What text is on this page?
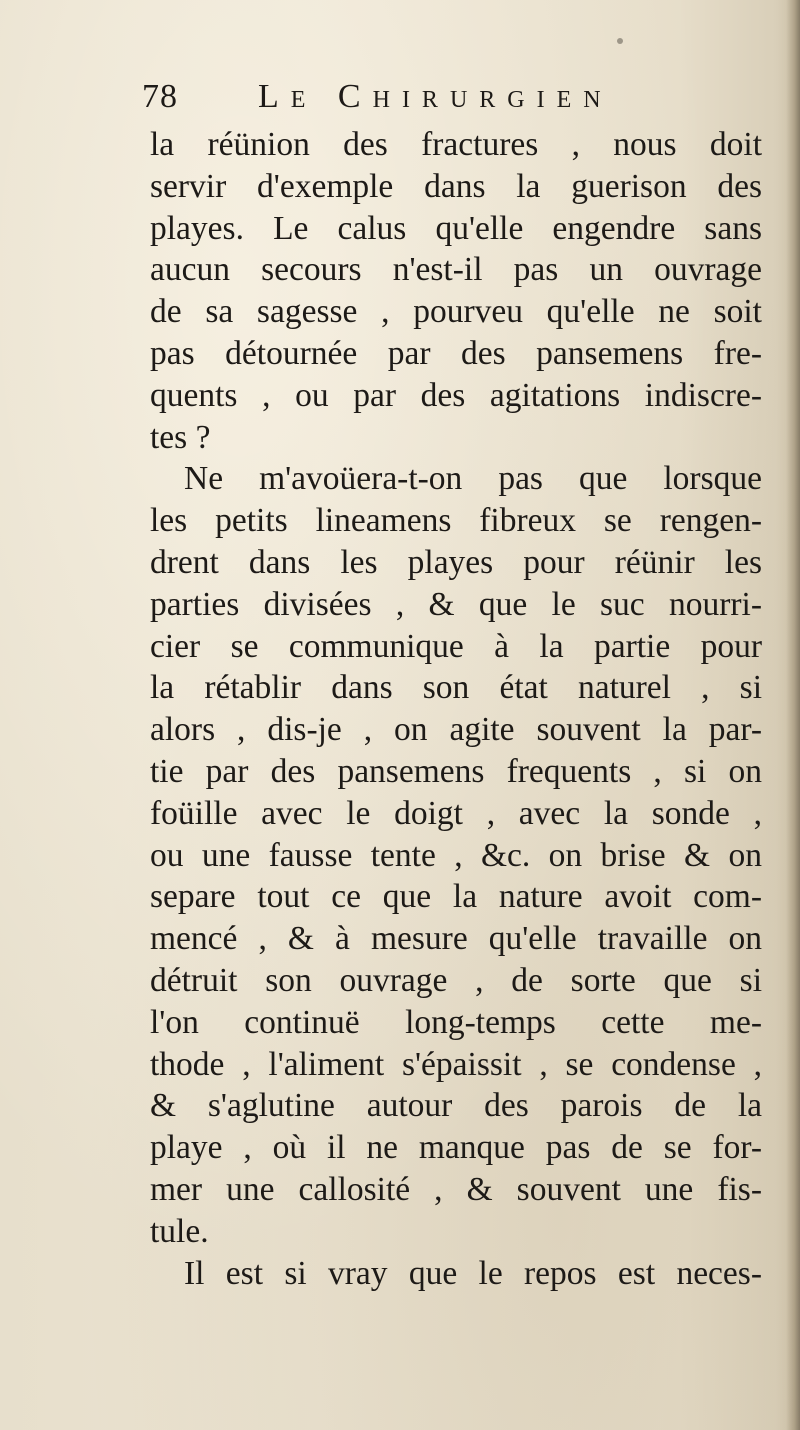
78 Le Chirurgien
la réünion des fractures , nous doit
servir d'exemple dans la guerison des
playes. Le calus qu'elle engendre sans
aucun secours n'est-il pas un ouvrage
de sa sagesse , pourveu qu'elle ne soit
pas détournée par des pansemens fre-
quents , ou par des agitations indiscre-
tes ?
Ne m'avoüera-t-on pas que lorsque
les petits lineamens fibreux se rengen-
drent dans les playes pour réünir les
parties divisées , & que le suc nourri-
cier se communique à la partie pour
la rétablir dans son état naturel , si
alors , dis-je , on agite souvent la par-
tie par des pansemens frequents , si on
foüille avec le doigt , avec la sonde ,
ou une fausse tente , &c. on brise & on
separe tout ce que la nature avoit com-
mencé , & à mesure qu'elle travaille on
détruit son ouvrage , de sorte que si
l'on continuë long-temps cette me-
thode , l'aliment s'épaissit , se condense ,
& s'aglutine autour des parois de la
playe , où il ne manque pas de se for-
mer une callosité , & souvent une fis-
tule.
Il est si vray que le repos est neces-
